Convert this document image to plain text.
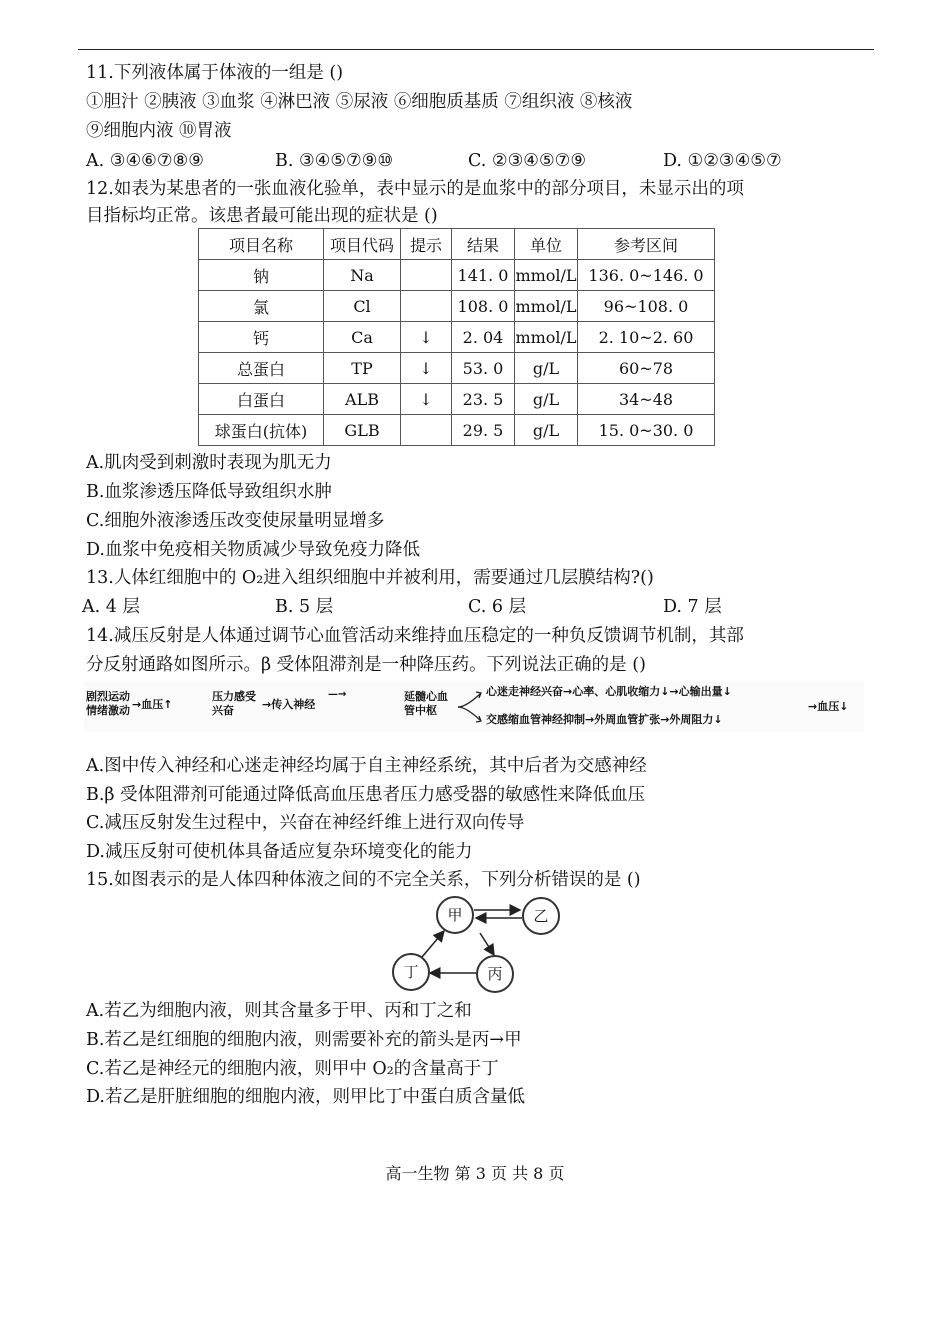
11.下列液体属于体液的一组是 ()
①胆汁 ②胰液 ③血浆 ④淋巴液 ⑤尿液 ⑥细胞质基质 ⑦组织液 ⑧核液
⑨细胞内液 ⑩胃液
A. ③④⑥⑦⑧⑨	B. ③④⑤⑦⑨⑩	C. ②③④⑤⑦⑨	D. ①②③④⑤⑦
12.如表为某患者的一张血液化验单，表中显示的是血浆中的部分项目，未显示出的项
目指标均正常。该患者最可能出现的症状是 ()
项目名称	项目代码	提示	结果	单位	参考区间
钠	Na		141. 0	mmol/L	136. 0~146. 0
氯	Cl		108. 0	mmol/L	96~108. 0
钙	Ca	↓	2. 04	mmol/L	2. 10~2. 60
总蛋白	TP	↓	53. 0	g/L	60~78
白蛋白	ALB	↓	23. 5	g/L	34~48
球蛋白(抗体)	GLB		29. 5	g/L	15. 0~30. 0
A.肌肉受到刺激时表现为肌无力
B.血浆渗透压降低导致组织水肿
C.细胞外液渗透压改变使尿量明显增多
D.血浆中免疫相关物质减少导致免疫力降低
13.人体红细胞中的 O₂进入组织细胞中并被利用，需要通过几层膜结构?()
A. 4 层	B. 5 层	C. 6 层	D. 7 层
14.减压反射是人体通过调节心血管活动来维持血压稳定的一种负反馈调节机制，其部
分反射通路如图所示。β 受体阻滞剂是一种降压药。下列说法正确的是 ()
剧烈运动
情绪激动 →血压↑
压力感受
兴奋	→传入神经
—→	延髓心血
管中枢
心迷走神经兴奋→心率、心肌收缩力↓→心输出量↓
交感缩血管神经抑制→外周血管扩张→外周阻力↓
→血压↓
A.图中传入神经和心迷走神经均属于自主神经系统，其中后者为交感神经
B.β 受体阻滞剂可能通过降低高血压患者压力感受器的敏感性来降低血压
C.减压反射发生过程中，兴奋在神经纤维上进行双向传导
D.减压反射可使机体具备适应复杂环境变化的能力
15.如图表示的是人体四种体液之间的不完全关系，下列分析错误的是 ()
甲	乙
丁	丙
A.若乙为细胞内液，则其含量多于甲、丙和丁之和
B.若乙是红细胞的细胞内液，则需要补充的箭头是丙→甲
C.若乙是神经元的细胞内液，则甲中 O₂的含量高于丁
D.若乙是肝脏细胞的细胞内液，则甲比丁中蛋白质含量低
高一生物 第 3 页 共 8 页
